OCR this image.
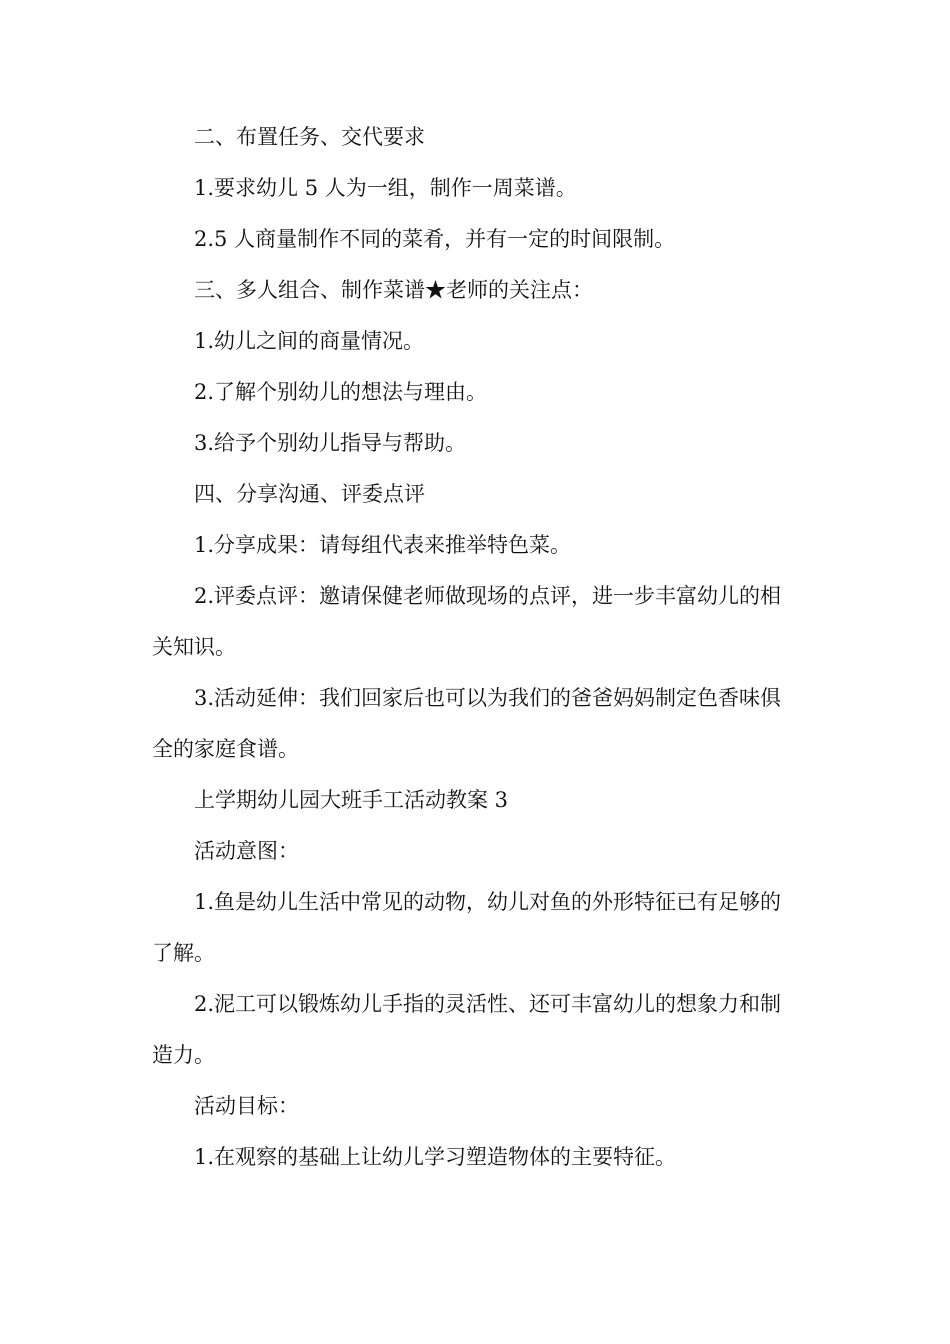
二、布置任务、交代要求

1.要求幼儿 5 人为一组，制作一周菜谱。

2.5 人商量制作不同的菜肴，并有一定的时间限制。

三、多人组合、制作菜谱★老师的关注点：

1.幼儿之间的商量情况。

2.了解个别幼儿的想法与理由。

3.给予个别幼儿指导与帮助。

四、分享沟通、评委点评

1.分享成果：请每组代表来推举特色菜。

2.评委点评：邀请保健老师做现场的点评，进一步丰富幼儿的相关知识。

3.活动延伸：我们回家后也可以为我们的爸爸妈妈制定色香味俱全的家庭食谱。

上学期幼儿园大班手工活动教案 3

活动意图：

1.鱼是幼儿生活中常见的动物，幼儿对鱼的外形特征已有足够的了解。

2.泥工可以锻炼幼儿手指的灵活性、还可丰富幼儿的想象力和制造力。

活动目标：

1.在观察的基础上让幼儿学习塑造物体的主要特征。
